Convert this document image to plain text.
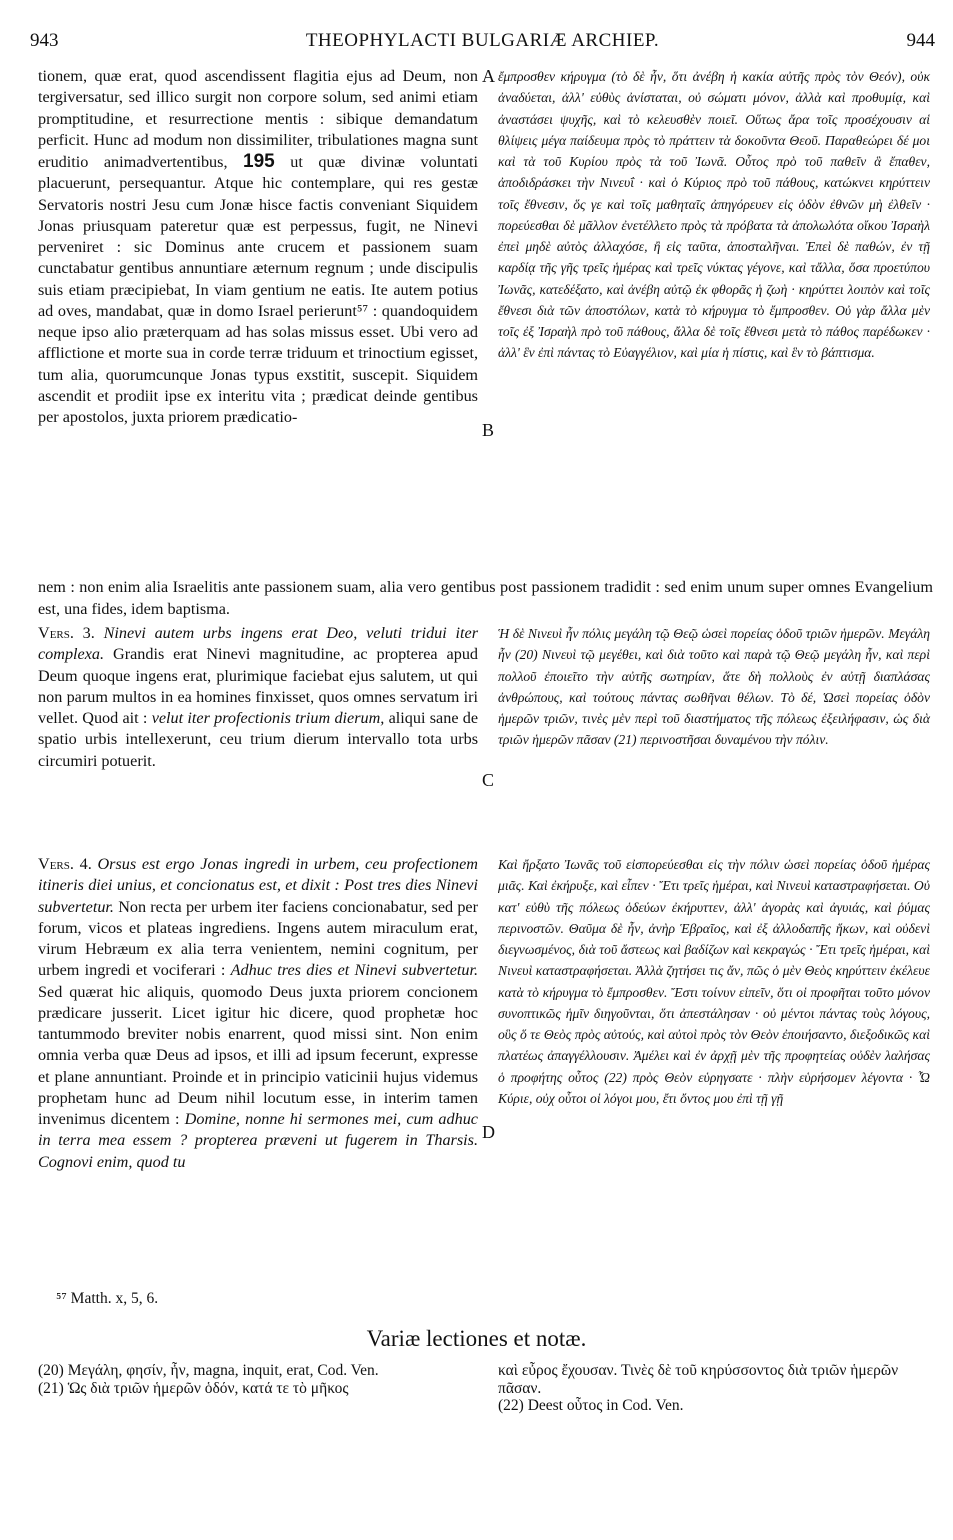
943	THEOPHYLACTI BULGARIÆ ARCHIEP.	944

tionem, quæ erat, quod ascendissent flagitia ejus ad Deum, non tergiversatur, sed illico surgit non corpore solum, sed animi etiam promptitudine, et resurrectione mentis : sibique demandatum perficit. Hunc ad modum non dissimiliter, tribulationes magna sunt eruditio animadvertentibus, 195 ut quæ divinæ voluntati placuerunt, persequantur. Atque hic contemplare, qui res gestæ Servatoris nostri Jesu cum Jonæ hisce factis conveniant Siquidem Jonas priusquam pateretur quæ est perpessus, fugit, ne Ninevi perveniret : sic Dominus ante crucem et passionem suam cunctabatur gentibus annuntiare æternum regnum ; unde discipulis suis etiam præcipiebat, In viam gentium ne eatis. Ite autem potius ad oves, mandabat, quæ in domo Israel perierunt⁵⁷ : quandoquidem neque ipso alio præterquam ad has solas missus esset. Ubi vero ad afflictione et morte sua in corde terræ triduum et trinoctium egisset, tum alia, quorumcunque Jonas typus exstitit, suscepit. Siquidem ascendit et prodiit ipse ex interitu vita ; prædicat deinde gentibus per apostolos, juxta priorem prædicatio-

A
B

ἔμπροσθεν κήρυγμα (τὸ δὲ ἦν, ὅτι ἀνέβη ἡ κακία αὐτῆς πρὸς τὸν Θεόν), οὐκ ἀναδύεται, ἀλλ' εὐθὺς ἀνίσταται, οὐ σώματι μόνον, ἀλλὰ καὶ προθυμίᾳ, καὶ ἀναστάσει ψυχῆς, καὶ τὸ κελευσθὲν ποιεῖ. Οὕτως ἄρα τοῖς προσέχουσιν αἱ θλίψεις μέγα παίδευμα πρὸς τὸ πράττειν τὰ δοκοῦντα Θεοῦ. Παραθεώρει δέ μοι καὶ τὰ τοῦ Κυρίου πρὸς τὰ τοῦ Ἰωνᾶ. Οὗτος πρὸ τοῦ παθεῖν ἃ ἔπαθεν, ἀποδιδράσκει τὴν Νινευΐ · καὶ ὁ Κύριος πρὸ τοῦ πάθους, κατώκνει κηρύττειν τοῖς ἔθνεσιν, ὅς γε καὶ τοῖς μαθηταῖς ἀπηγόρευεν εἰς ὁδὸν ἐθνῶν μὴ ἐλθεῖν · πορεύεσθαι δὲ μᾶλλον ἐνετέλλετο πρὸς τὰ πρόβατα τὰ ἀπολωλότα οἴκου Ἰσραὴλ ἐπεὶ μηδὲ αὐτὸς ἀλλαχόσε, ἢ εἰς ταῦτα, ἀποσταλῆναι. Ἐπεὶ δὲ παθών, ἐν τῇ καρδίᾳ τῆς γῆς τρεῖς ἡμέρας καὶ τρεῖς νύκτας γέγονε, καὶ τἄλλα, ὅσα προετύπου Ἰωνᾶς, κατεδέξατο, καὶ ἀνέβη αὐτῷ ἐκ φθορᾶς ἡ ζωὴ · κηρύττει λοιπὸν καὶ τοῖς ἔθνεσι διὰ τῶν ἀποστόλων, κατὰ τὸ κήρυγμα τὸ ἔμπροσθεν. Οὐ γὰρ ἄλλα μὲν τοῖς ἐξ Ἰσραὴλ πρὸ τοῦ πάθους, ἄλλα δὲ τοῖς ἔθνεσι μετὰ τὸ πάθος παρέδωκεν · ἀλλ' ἓν ἐπὶ πάντας τὸ Εὐαγγέλιον, καὶ μία ἡ πίστις, καὶ ἓν τὸ βάπτισμα.

nem : non enim alia Israelitis ante passionem suam, alia vero gentibus post passionem tradidit : sed enim unum super omnes Evangelium est, una fides, idem baptisma.

Vers. 3. Ninevi autem urbs ingens erat Deo, veluti tridui iter complexa. Grandis erat Ninevi magnitudine, ac propterea apud Deum quoque ingens erat, plurimique faciebat ejus salutem, ut qui non parum multos in ea homines finxisset, quos omnes servatum iri vellet. Quod ait : velut iter profectionis trium dierum, aliqui sane de spatio urbis intellexerunt, ceu trium dierum intervallo tota urbs circumiri potuerit.

C

Ἡ δὲ Νινευὶ ἦν πόλις μεγάλη τῷ Θεῷ ὡσεὶ πορείας ὁδοῦ τριῶν ἡμερῶν. Μεγάλη ἦν (20) Νινευὶ τῷ μεγέθει, καὶ διὰ τοῦτο καὶ παρὰ τῷ Θεῷ μεγάλη ἦν, καὶ περὶ πολλοῦ ἐποιεῖτο τὴν αὐτῆς σωτηρίαν, ἅτε δὴ πολλοὺς ἐν αὐτῇ διαπλάσας ἀνθρώπους, καὶ τούτους πάντας σωθῆναι θέλων. Τὸ δέ, Ὡσεὶ πορείας ὁδὸν ἡμερῶν τριῶν, τινὲς μὲν περὶ τοῦ διαστήματος τῆς πόλεως ἐξειλήφασιν, ὡς διὰ τριῶν ἡμερῶν πᾶσαν (21) περινοστῆσαι δυναμένου τὴν πόλιν.

Vers. 4. Orsus est ergo Jonas ingredi in urbem, ceu profectionem itineris diei unius, et concionatus est, et dixit : Post tres dies Ninevi subvertetur. Non recta per urbem iter faciens concionabatur, sed per forum, vicos et plateas ingrediens. Ingens autem miraculum erat, virum Hebræum ex alia terra venientem, nemini cognitum, per urbem ingredi et vociferari : Adhuc tres dies et Ninevi subvertetur. Sed quærat hic aliquis, quomodo Deus juxta priorem concionem prædicare jusserit. Licet igitur hic dicere, quod prophetæ hoc tantummodo breviter nobis enarrent, quod missi sint. Non enim omnia verba quæ Deus ad ipsos, et illi ad ipsum fecerunt, expresse et plane annuntiant. Proinde et in principio vaticinii hujus videmus prophetam hunc ad Deum nihil locutum esse, in interim tamen invenimus dicentem : Domine, nonne hi sermones mei, cum adhuc in terra mea essem ? propterea præveni ut fugerem in Tharsis. Cognovi enim, quod tu

D

Καὶ ἤρξατο Ἰωνᾶς τοῦ εἰσπορεύεσθαι εἰς τὴν πόλιν ὡσεὶ πορείας ὁδοῦ ἡμέρας μιᾶς. Καὶ ἐκήρυξε, καὶ εἶπεν · Ἔτι τρεῖς ἡμέραι, καὶ Νινευὶ καταστραφήσεται. Οὐ κατ' εὐθὺ τῆς πόλεως ὁδεύων ἐκήρυττεν, ἀλλ' ἀγορὰς καὶ ἀγυιάς, καὶ ῥύμας περινοστῶν. Θαῦμα δὲ ἦν, ἀνὴρ Ἑβραῖος, καὶ ἐξ ἀλλοδαπῆς ἥκων, καὶ οὐδενὶ διεγνωσμένος, διὰ τοῦ ἄστεως καὶ βαδίζων καὶ κεκραγώς · Ἔτι τρεῖς ἡμέραι, καὶ Νινευὶ καταστραφήσεται. Ἀλλὰ ζητήσει τις ἄν, πῶς ὁ μὲν Θεὸς κηρύττειν ἐκέλευε κατὰ τὸ κήρυγμα τὸ ἔμπροσθεν. Ἔστι τοίνυν εἰπεῖν, ὅτι οἱ προφῆται τοῦτο μόνον συνοπτικῶς ἡμῖν διηγοῦνται, ὅτι ἀπεστάλησαν · οὐ μέντοι πάντας τοὺς λόγους, οὓς ὅ τε Θεὸς πρὸς αὐτούς, καὶ αὐτοὶ πρὸς τὸν Θεὸν ἐποιήσαντο, διεξοδικῶς καὶ πλατέως ἀπαγγέλλουσιν. Ἀμέλει καὶ ἐν ἀρχῇ μὲν τῆς προφητείας οὐδὲν λαλήσας ὁ προφήτης οὗτος (22) πρὸς Θεὸν εὑρηγσατε · πλὴν εὑρήσομεν λέγοντα · Ὦ Κύριε, οὐχ οὗτοι οἱ λόγοι μου, ἔτι ὄντος μου ἐπὶ τῇ γῇ

⁵⁷ Matth. x, 5, 6.
Variæ lectiones et notæ.

(20) Μεγάλη, φησίν, ἦν, magna, inquit, erat, Cod. Ven.

(21) Ὡς διὰ τριῶν ἡμερῶν ὁδόν, κατά τε τὸ μῆκος

καὶ εὖρος ἔχουσαν. Τινὲς δὲ τοῦ κηρύσσοντος διὰ τριῶν ἡμερῶν πᾶσαν.

(22) Deest οὗτος in Cod. Ven.
